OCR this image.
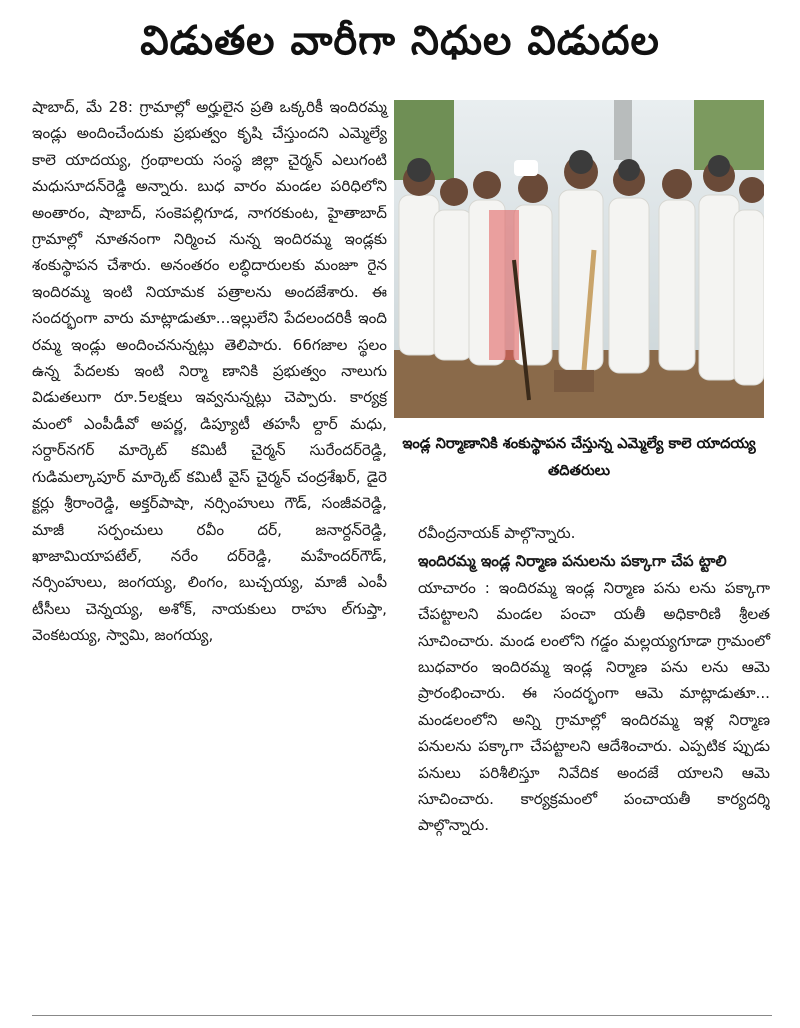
విడుతల వారీగా నిధుల విడుదల
షాబాద్, మే 28: గ్రామాల్లో అర్హులైన ప్రతి ఒక్కరికీ ఇందిరమ్మ ఇండ్లు అందించేందుకు ప్రభుత్వం కృషి చేస్తుందని ఎమ్మెల్యే కాలె యాదయ్య, గ్రంథాలయ సంస్థ జిల్లా చైర్మన్ ఎలుగంటి మధుసూదన్‌రెడ్డి అన్నారు. బుధ వారం మండల పరిధిలోని అంతారం, షాబాద్, సంకెపల్లిగూడ, నాగరకుంట, హైతాబాద్ గ్రామాల్లో నూతనంగా నిర్మించ నున్న ఇందిరమ్మ ఇండ్లకు శంకుస్థాపన చేశారు. అనంతరం లబ్ధిదారులకు మంజూ రైన ఇందిరమ్మ ఇంటి నియామక పత్రాలను అందజేశారు. ఈ సందర్భంగా వారు మాట్లాడుతూ...ఇల్లులేని పేదలందరికీ ఇంది రమ్మ ఇండ్లు అందించనున్నట్లు తెలిపారు. 66గజాల స్థలం ఉన్న పేదలకు ఇంటి నిర్మా ణానికి ప్రభుత్వం నాలుగు విడుతలుగా రూ.5లక్షలు ఇవ్వనున్నట్లు చెప్పారు. కార్యక్ర మంలో ఎంపీడీవో అపర్ణ, డిప్యూటీ తహసీ ల్దార్ మధు, సర్దార్‌నగర్ మార్కెట్ కమిటీ చైర్మన్ సురేందర్‌రెడ్డి, గుడిమల్కాపూర్ మార్కెట్ కమిటీ వైస్ చైర్మన్ చంద్రశేఖర్, డైరె క్టర్లు శ్రీరాంరెడ్డి, అక్తర్‌పాషా, నర్సింహులు గౌడ్, సంజీవరెడ్డి, మాజీ సర్పంచులు రవీం దర్, జనార్దన్‌రెడ్డి, ఖాజామియాపటేల్, నరేం దర్‌రెడ్డి, మహేందర్‌గౌడ్, నర్సింహులు, జంగయ్య, లింగం, బుచ్చయ్య, మాజీ ఎంపీ టీసీలు చెన్నయ్య, అశోక్, నాయకులు రాహు ల్‌గుప్తా, వెంకటయ్య, స్వామి, జంగయ్య,
ఇండ్ల నిర్మాణానికి శంకుస్థాపన చేస్తున్న ఎమ్మెల్యే కాలె యాదయ్య తదితరులు
రవీంద్రనాయక్ పాల్గొన్నారు.
ఇందిరమ్మ ఇండ్ల నిర్మాణ పనులను పక్కాగా చేప ట్టాలి
యాచారం : ఇందిరమ్మ ఇండ్ల నిర్మాణ పను లను పక్కాగా చేపట్టాలని మండల పంచా యతీ అధికారిణి శ్రీలత సూచించారు. మండ లంలోని గడ్డం మల్లయ్యగూడా గ్రామంలో బుధవారం ఇందిరమ్మ ఇండ్ల నిర్మాణ పను లను ఆమె ప్రారంభించారు. ఈ సందర్భంగా ఆమె మాట్లాడుతూ... మండలంలోని అన్ని గ్రామాల్లో ఇందిరమ్మ ఇళ్ల నిర్మాణ పనులను పక్కాగా చేపట్టాలని ఆదేశించారు. ఎప్పటిక ప్పుడు పనులు పరిశీలిస్తూ నివేదిక అందజే యాలని ఆమె సూచించారు. కార్యక్రమంలో పంచాయతీ కార్యదర్శి పాల్గొన్నారు.
